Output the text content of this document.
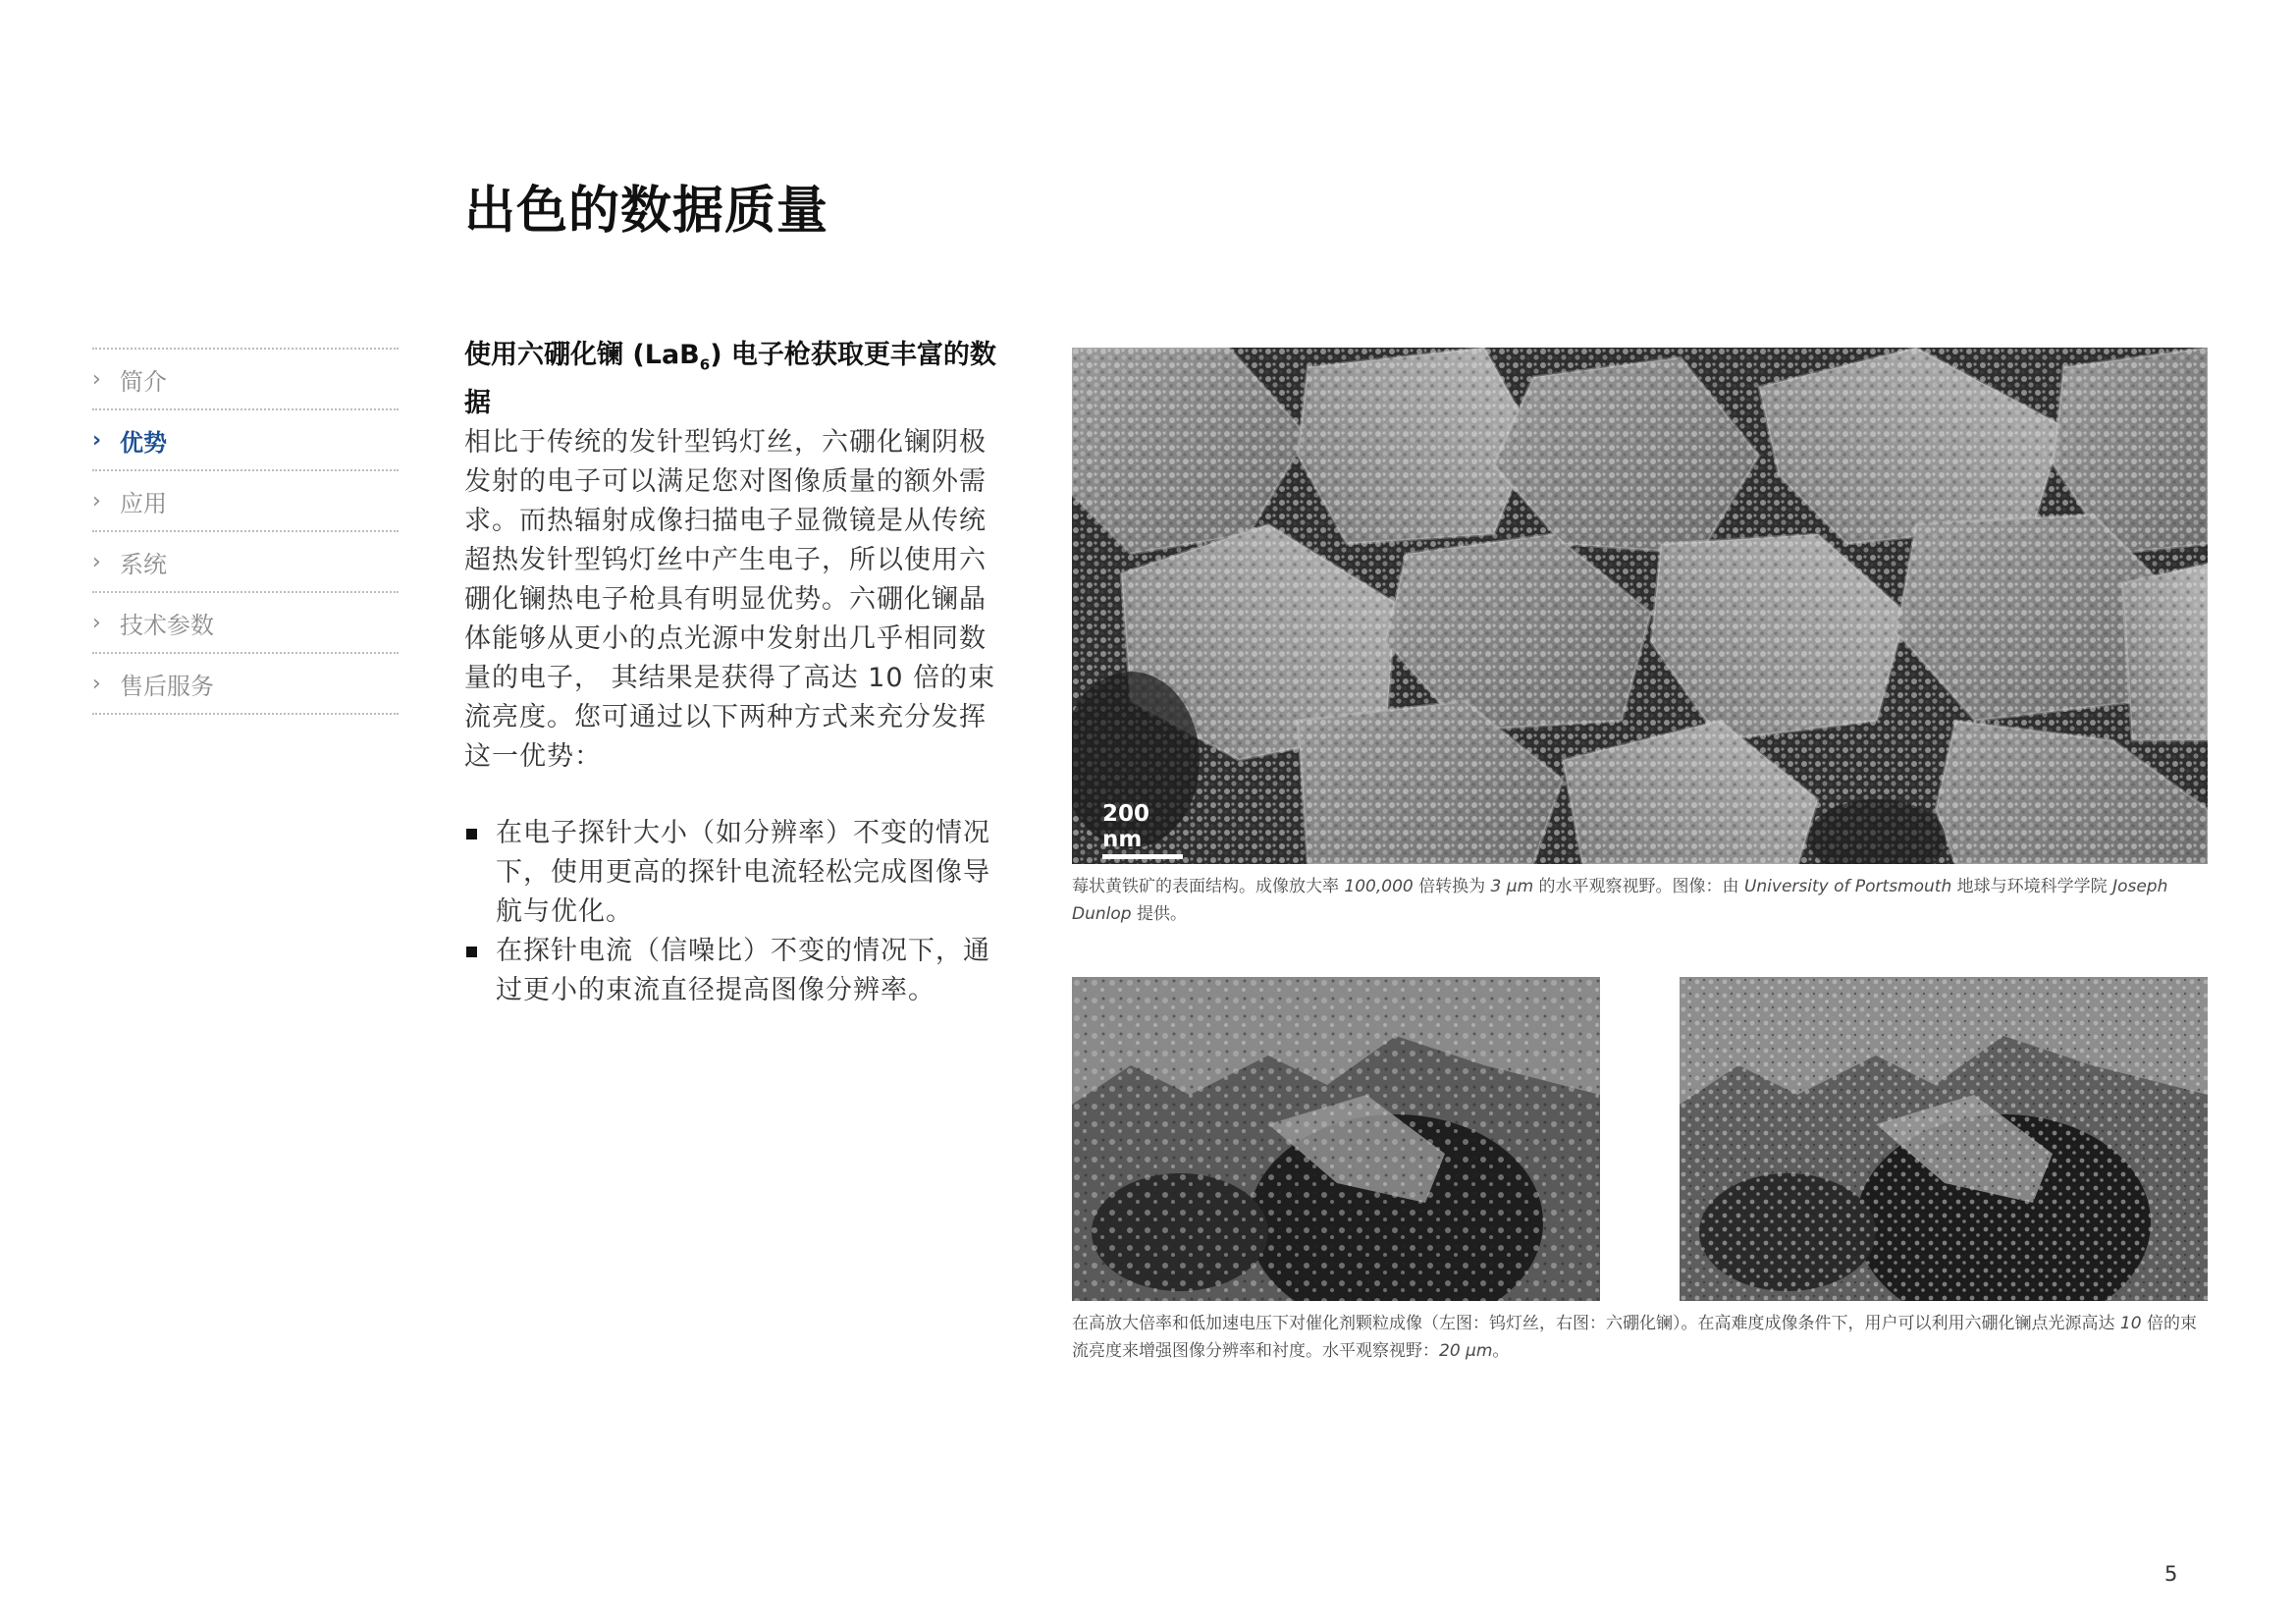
出色的数据质量
› 简介
› 优势
› 应用
› 系统
› 技术参数
› 售后服务
使用六硼化镧 (LaB$_6$) 电子枪获取更丰富的数据

相比于传统的发针型钨灯丝，六硼化镧阴极发射的电子可以满足您对图像质量的额外需求。而热辐射成像扫描电子显微镜是从传统超热发针型钨灯丝中产生电子，所以使用六硼化镧热电子枪具有明显优势。六硼化镧晶体能够从更小的点光源中发射出几乎相同数量的电子， 其结果是获得了高达 10 倍的束流亮度。您可通过以下两种方式来充分发挥这一优势：

在电子探针大小（如分辨率）不变的情况下，使用更高的探针电流轻松完成图像导航与优化。
在探针电流（信噪比）不变的情况下，通过更小的束流直径提高图像分辨率。
200 nm

莓状黄铁矿的表面结构。成像放大率 100,000 倍转换为 3 μm 的水平观察视野。图像：由 University of Portsmouth 地球与环境科学学院 Joseph Dunlop 提供。

在高放大倍率和低加速电压下对催化剂颗粒成像（左图：钨灯丝，右图：六硼化镧）。在高难度成像条件下，用户可以利用六硼化镧点光源高达 10 倍的束流亮度来增强图像分辨率和衬度。水平观察视野：20 μm。

5
